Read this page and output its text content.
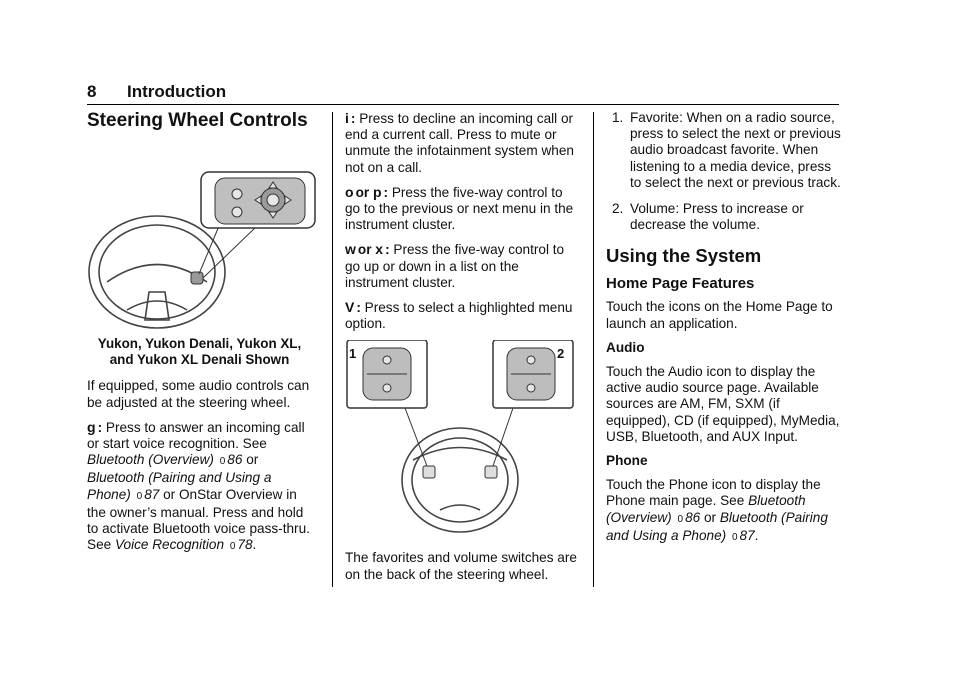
8 Introduction
Steering Wheel Controls

Yukon, Yukon Denali, Yukon XL, and Yukon XL Denali Shown

If equipped, some audio controls can be adjusted at the steering wheel.

g : Press to answer an incoming call or start voice recognition. See Bluetooth (Overview) 0 86 or Bluetooth (Pairing and Using a Phone) 0 87 or OnStar Overview in the owner’s manual. Press and hold to activate Bluetooth voice pass-thru. See Voice Recognition 0 78.

i : Press to decline an incoming call or end a current call. Press to mute or unmute the infotainment system when not on a call.

o or p : Press the five-way control to go to the previous or next menu in the instrument cluster.

w or x : Press the five-way control to go up or down in a list on the instrument cluster.

V : Press to select a highlighted menu option.

1	2

The favorites and volume switches are on the back of the steering wheel.

1. Favorite: When on a radio source, press to select the next or previous audio broadcast favorite. When listening to a media device, press to select the next or previous track.
2. Volume: Press to increase or decrease the volume.
Using the System
Home Page Features

Touch the icons on the Home Page to launch an application.

Audio

Touch the Audio icon to display the active audio source page. Available sources are AM, FM, SXM (if equipped), CD (if equipped), MyMedia, USB, Bluetooth, and AUX Input.

Phone

Touch the Phone icon to display the Phone main page. See Bluetooth (Overview) 0 86 or Bluetooth (Pairing and Using a Phone) 0 87.
